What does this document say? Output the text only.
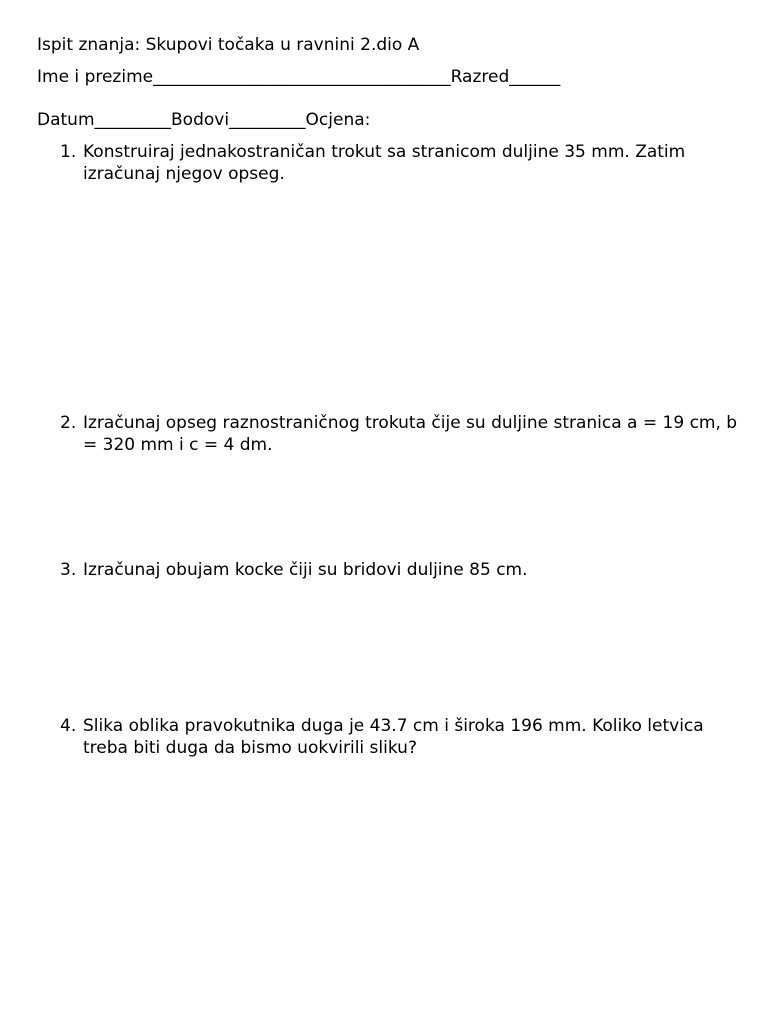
Ispit znanja: Skupovi točaka u ravnini 2.dio A
Ime i prezime___________________________________Razred______
Datum_________Bodovi_________Ocjena:
1. Konstruiraj jednakostraničan trokut sa stranicom duljine 35 mm. Zatim izračunaj njegov opseg.
2. Izračunaj opseg raznostraničnog trokuta čije su duljine stranica a = 19 cm, b = 320 mm i c = 4 dm.
3. Izračunaj obujam kocke čiji su bridovi duljine 85 cm.
4. Slika oblika pravokutnika duga je 43.7 cm i široka 196 mm. Koliko letvica treba biti duga da bismo uokvirili sliku?
